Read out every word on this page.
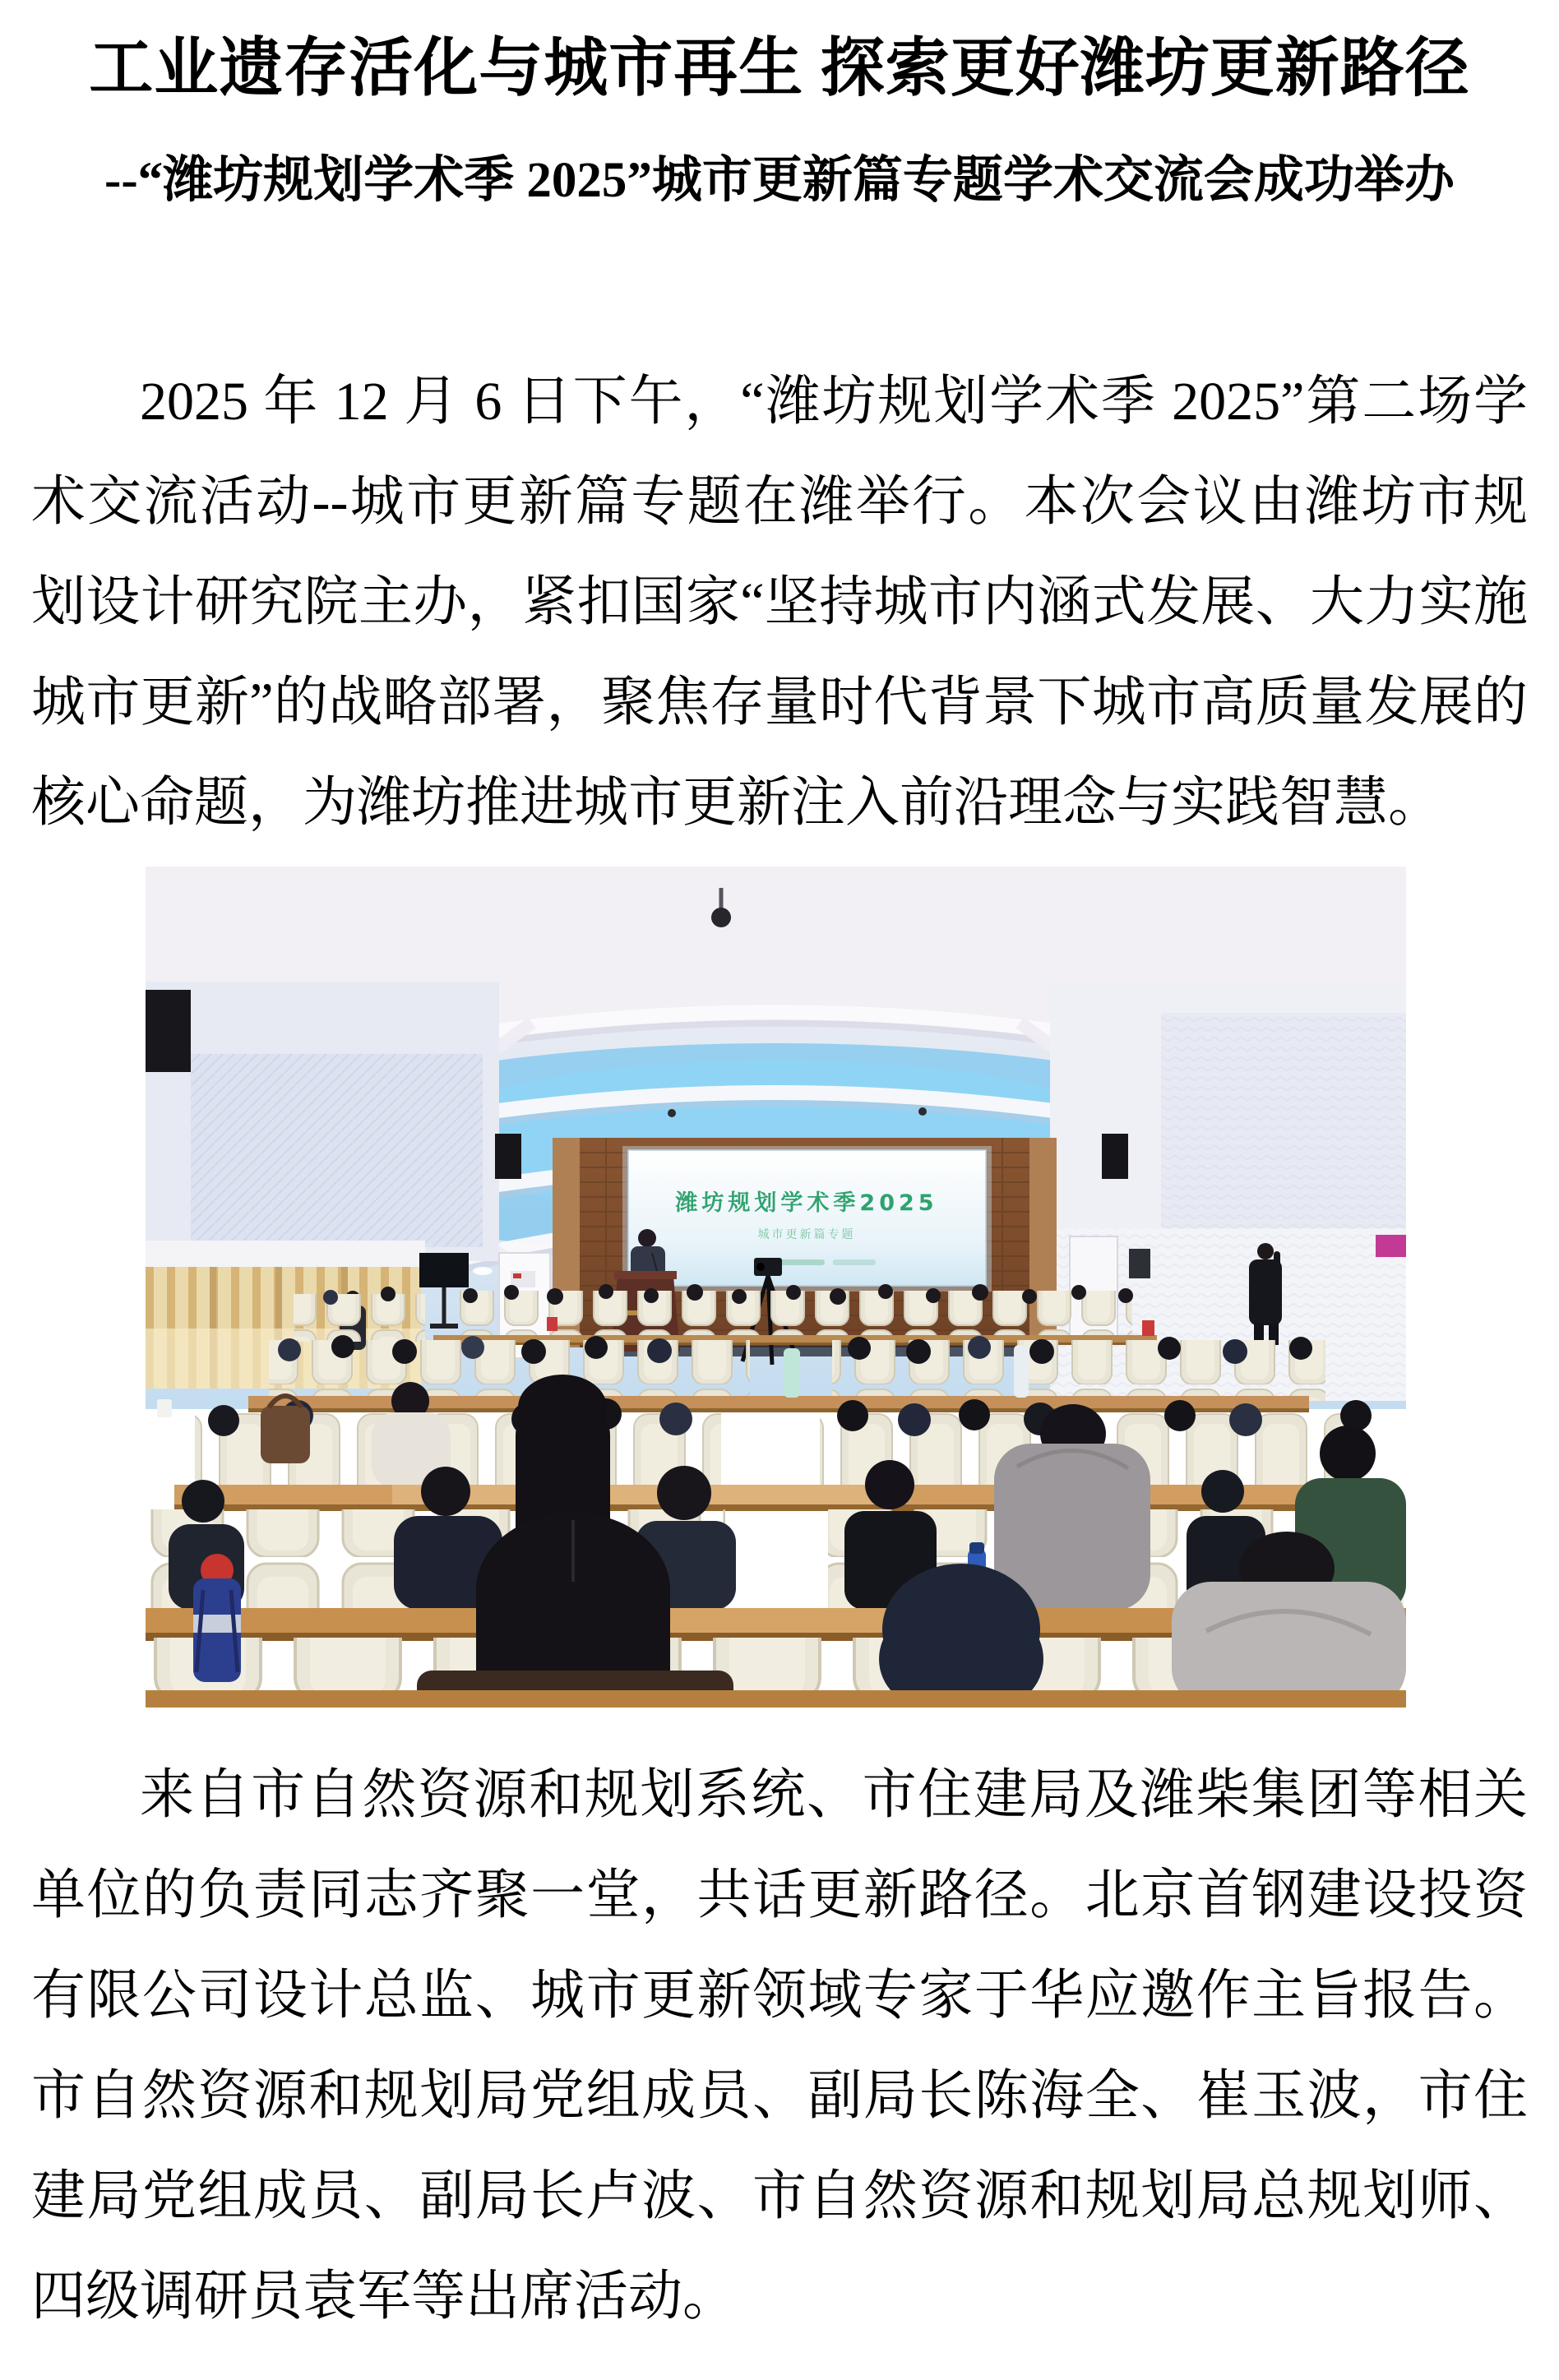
工业遗存活化与城市再生 探索更好潍坊更新路径
--“潍坊规划学术季 2025”城市更新篇专题学术交流会成功举办

2025 年 12 月 6 日下午，“潍坊规划学术季 2025”第二场学术交流活动--城市更新篇专题在潍举行。本次会议由潍坊市规划设计研究院主办，紧扣国家“坚持城市内涵式发展、大力实施城市更新”的战略部署，聚焦存量时代背景下城市高质量发展的核心命题，为潍坊推进城市更新注入前沿理念与实践智慧。

潍坊规划学术季2025
城市更新篇专题

来自市自然资源和规划系统、市住建局及潍柴集团等相关单位的负责同志齐聚一堂，共话更新路径。北京首钢建设投资有限公司设计总监、城市更新领域专家于华应邀作主旨报告。市自然资源和规划局党组成员、副局长陈海全、崔玉波，市住建局党组成员、副局长卢波、市自然资源和规划局总规划师、四级调研员袁军等出席活动。
